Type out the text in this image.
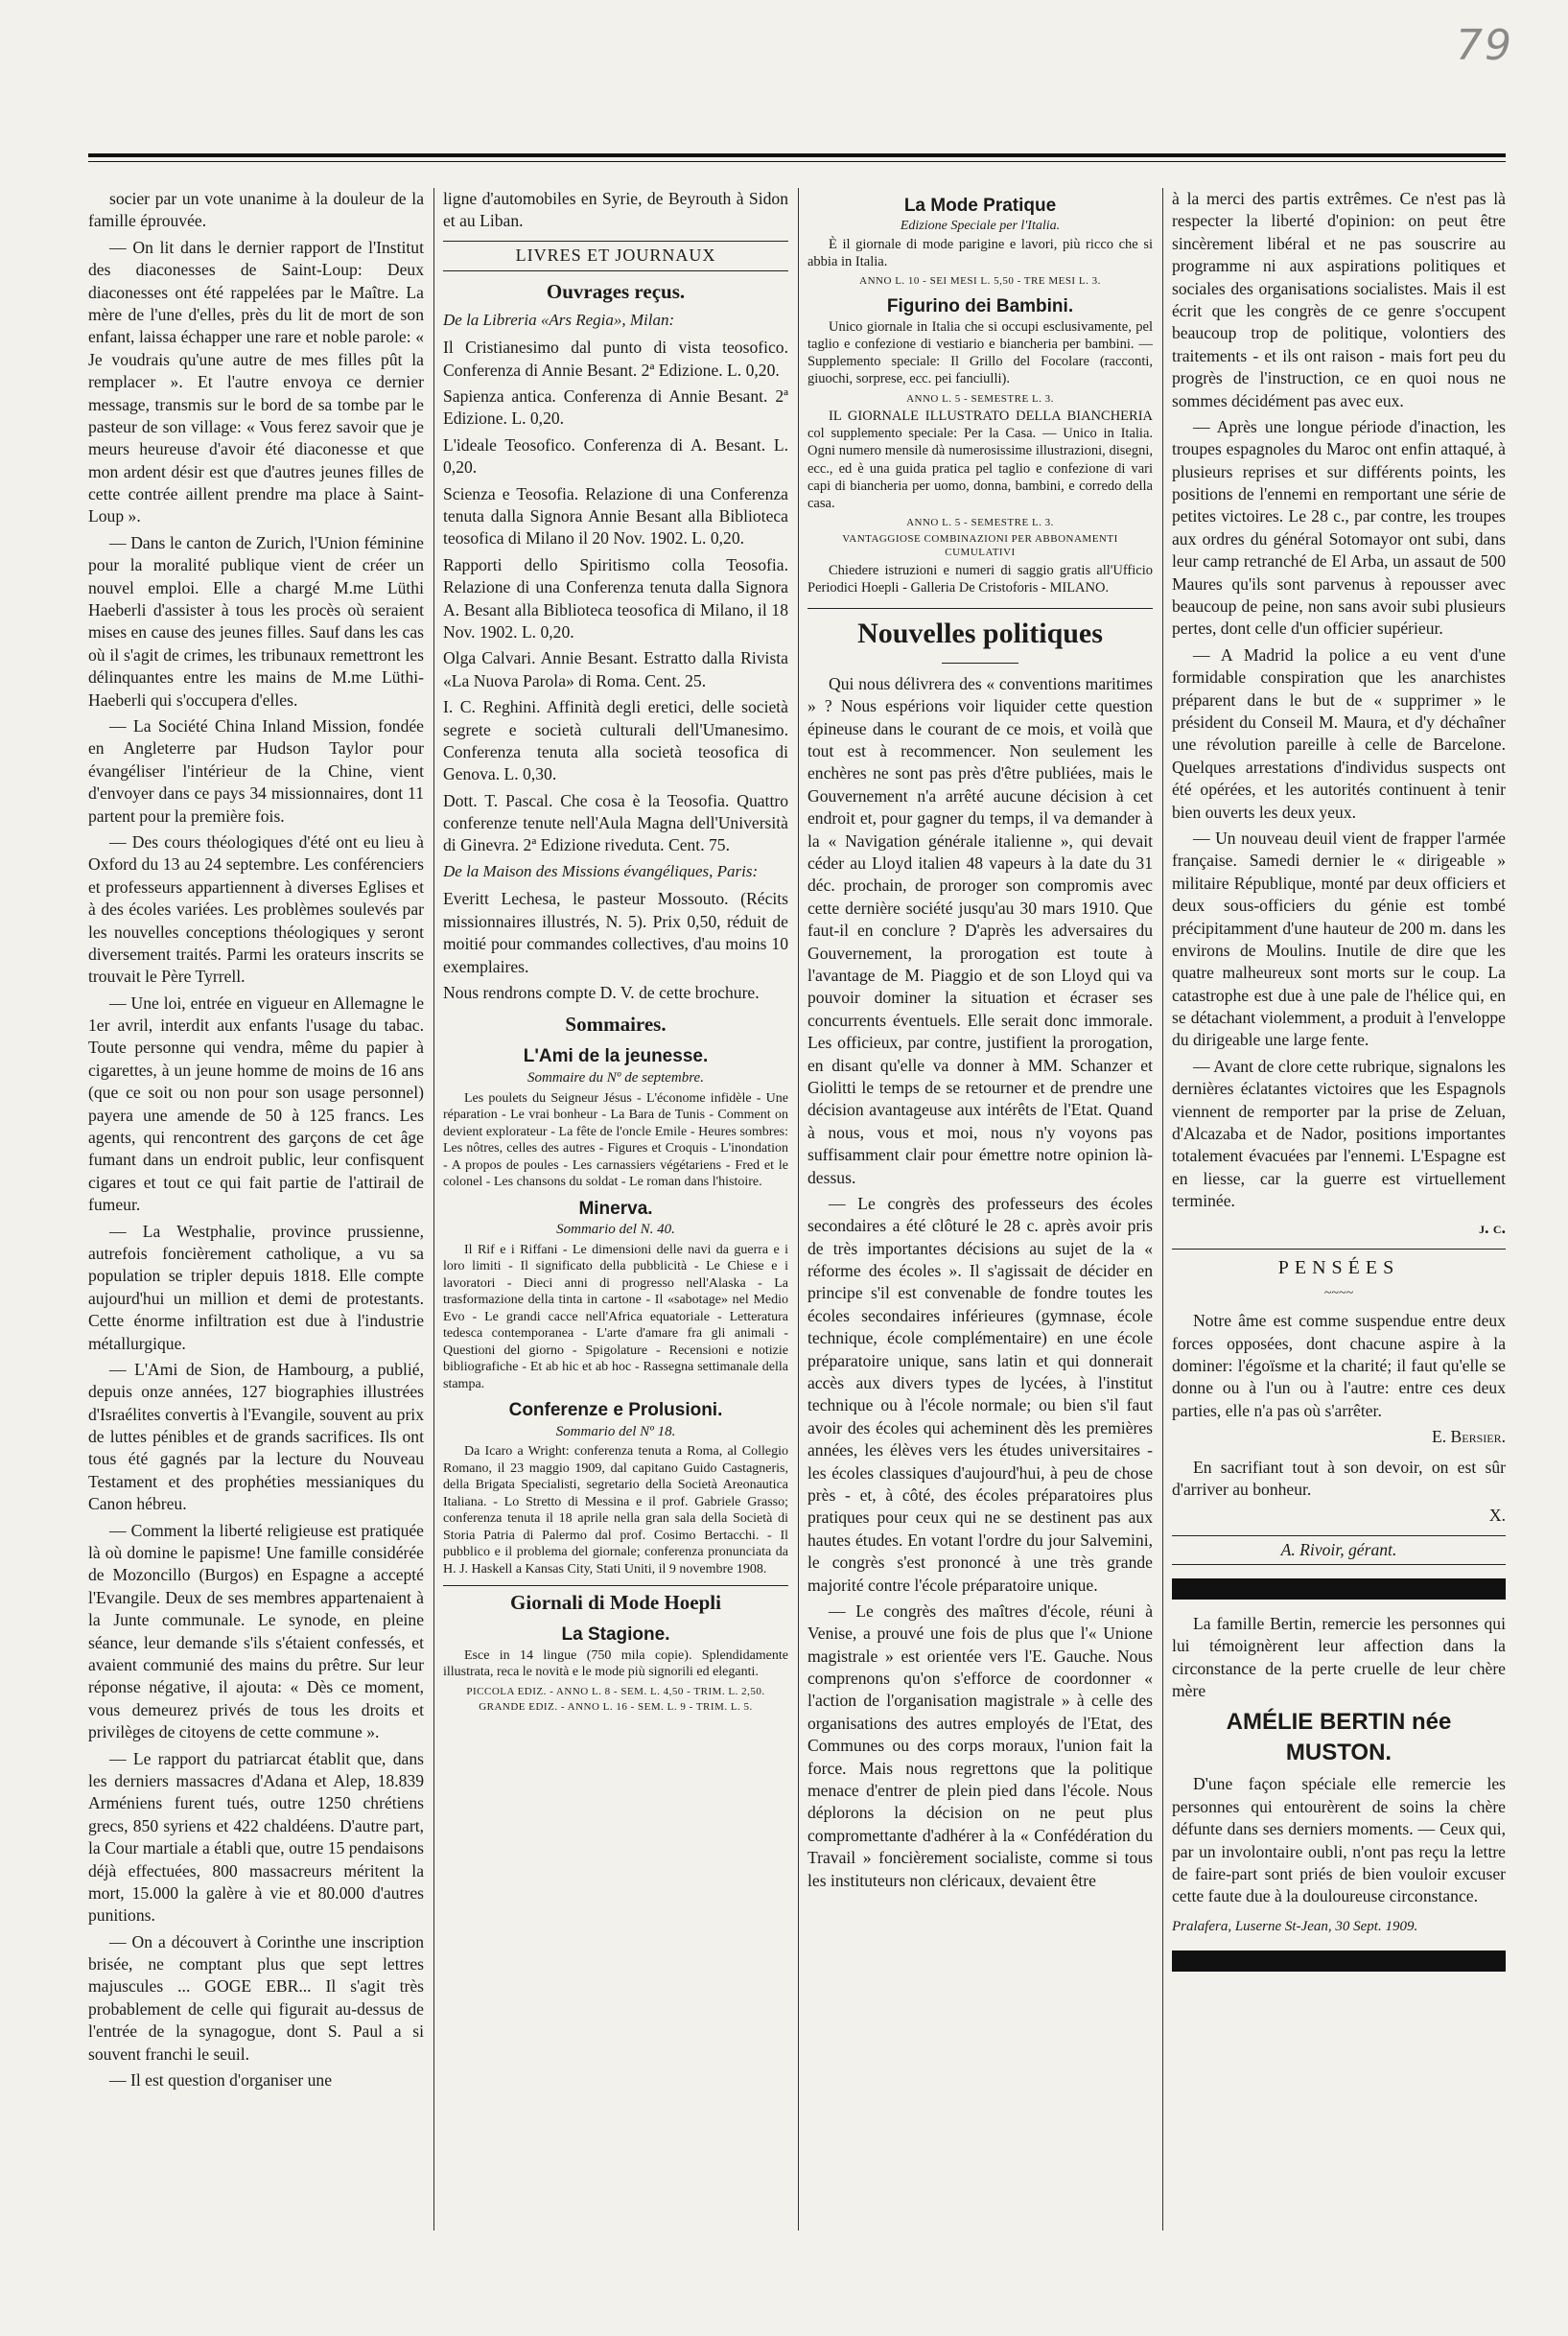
79

socier par un vote unanime à la douleur de la famille éprouvée.

— On lit dans le dernier rapport de l'Institut des diaconesses de Saint-Loup: Deux diaconesses ont été rappelées par le Maître. La mère de l'une d'elles, près du lit de mort de son enfant, laissa échapper une rare et noble parole: « Je voudrais qu'une autre de mes filles pût la remplacer ». Et l'autre envoya ce dernier message, transmis sur le bord de sa tombe par le pasteur de son village: « Vous ferez savoir que je meurs heureuse d'avoir été diaconesse et que mon ardent désir est que d'autres jeunes filles de cette contrée aillent prendre ma place à Saint-Loup ».

— Dans le canton de Zurich, l'Union féminine pour la moralité publique vient de créer un nouvel emploi. Elle a chargé M.me Lüthi Haeberli d'assister à tous les procès où seraient mises en cause des jeunes filles. Sauf dans les cas où il s'agit de crimes, les tribunaux remettront les délinquantes entre les mains de M.me Lüthi-Haeberli qui s'occupera d'elles.

— La Société China Inland Mission, fondée en Angleterre par Hudson Taylor pour évangéliser l'intérieur de la Chine, vient d'envoyer dans ce pays 34 missionnaires, dont 11 partent pour la première fois.

— Des cours théologiques d'été ont eu lieu à Oxford du 13 au 24 septembre. Les conférenciers et professeurs appartiennent à diverses Eglises et à des écoles variées. Les problèmes soulevés par les nouvelles conceptions théologiques y seront diversement traités. Parmi les orateurs inscrits se trouvait le Père Tyrrell.

— Une loi, entrée en vigueur en Allemagne le 1er avril, interdit aux enfants l'usage du tabac. Toute personne qui vendra, même du papier à cigarettes, à un jeune homme de moins de 16 ans (que ce soit ou non pour son usage personnel) payera une amende de 50 à 125 francs. Les agents, qui rencontrent des garçons de cet âge fumant dans un endroit public, leur confisquent cigares et tout ce qui fait partie de l'attirail de fumeur.

— La Westphalie, province prussienne, autrefois foncièrement catholique, a vu sa population se tripler depuis 1818. Elle compte aujourd'hui un million et demi de protestants. Cette énorme infiltration est due à l'industrie métallurgique.

— L'Ami de Sion, de Hambourg, a publié, depuis onze années, 127 biographies illustrées d'Israélites convertis à l'Evangile, souvent au prix de luttes pénibles et de grands sacrifices. Ils ont tous été gagnés par la lecture du Nouveau Testament et des prophéties messianiques du Canon hébreu.

— Comment la liberté religieuse est pratiquée là où domine le papisme! Une famille considérée de Mozoncillo (Burgos) en Espagne a accepté l'Evangile. Deux de ses membres appartenaient à la Junte communale. Le synode, en pleine séance, leur demande s'ils s'étaient confessés, et avaient communié des mains du prêtre. Sur leur réponse négative, il ajouta: « Dès ce moment, vous demeurez privés de tous les droits et privilèges de citoyens de cette commune ».

— Le rapport du patriarcat établit que, dans les derniers massacres d'Adana et Alep, 18.839 Arméniens furent tués, outre 1250 chrétiens grecs, 850 syriens et 422 chaldéens. D'autre part, la Cour martiale a établi que, outre 15 pendaisons déjà effectuées, 800 massacreurs méritent la mort, 15.000 la galère à vie et 80.000 d'autres punitions.

— On a découvert à Corinthe une inscription brisée, ne comptant plus que sept lettres majuscules ... GOGE EBR... Il s'agit très probablement de celle qui figurait au-dessus de l'entrée de la synagogue, dont S. Paul a si souvent franchi le seuil.

— Il est question d'organiser une

ligne d'automobiles en Syrie, de Beyrouth à Sidon et au Liban.

LIVRES ET JOURNAUX
Ouvrages reçus.
De la Libreria «Ars Regia», Milan:

Il Cristianesimo dal punto di vista teosofico. Conferenza di Annie Besant. 2ª Edizione. L. 0,20.

Sapienza antica. Conferenza di Annie Besant. 2ª Edizione. L. 0,20.

L'ideale Teosofico. Conferenza di A. Besant. L. 0,20.

Scienza e Teosofia. Relazione di una Conferenza tenuta dalla Signora Annie Besant alla Biblioteca teosofica di Milano il 20 Nov. 1902. L. 0,20.

Rapporti dello Spiritismo colla Teosofia. Relazione di una Conferenza tenuta dalla Signora A. Besant alla Biblioteca teosofica di Milano, il 18 Nov. 1902. L. 0,20.

Olga Calvari. Annie Besant. Estratto dalla Rivista «La Nuova Parola» di Roma. Cent. 25.

I. C. Reghini. Affinità degli eretici, delle società segrete e società culturali dell'Umanesimo. Conferenza tenuta alla società teosofica di Genova. L. 0,30.

Dott. T. Pascal. Che cosa è la Teosofia. Quattro conferenze tenute nell'Aula Magna dell'Università di Ginevra. 2ª Edizione riveduta. Cent. 75.

De la Maison des Missions évangéliques, Paris:

Everitt Lechesa, le pasteur Mossouto. (Récits missionnaires illustrés, N. 5). Prix 0,50, réduit de moitié pour commandes collectives, d'au moins 10 exemplaires.

Nous rendrons compte D. V. de cette brochure.

Sommaires.
L'Ami de la jeunesse.
Sommaire du Nº de septembre.

Les poulets du Seigneur Jésus - L'économe infidèle - Une réparation - Le vrai bonheur - La Bara de Tunis - Comment on devient explorateur - La fête de l'oncle Emile - Heures sombres: Les nôtres, celles des autres - Figures et Croquis - L'inondation - A propos de poules - Les carnassiers végétariens - Fred et le colonel - Les chansons du soldat - Le roman dans l'histoire.

Minerva.
Sommario del N. 40.

Il Rif e i Riffani - Le dimensioni delle navi da guerra e i loro limiti - Il significato della pubblicità - Le Chiese e i lavoratori - Dieci anni di progresso nell'Alaska - La trasformazione della tinta in cartone - Il «sabotage» nel Medio Evo - Le grandi cacce nell'Africa equatoriale - Letteratura tedesca contemporanea - L'arte d'amare fra gli animali - Questioni del giorno - Spigolature - Recensioni e notizie bibliografiche - Et ab hic et ab hoc - Rassegna settimanale della stampa.

Conferenze e Prolusioni.
Sommario del Nº 18.

Da Icaro a Wright: conferenza tenuta a Roma, al Collegio Romano, il 23 maggio 1909, dal capitano Guido Castagneris, della Brigata Specialisti, segretario della Società Areonautica Italiana. - Lo Stretto di Messina e il prof. Gabriele Grasso; conferenza tenuta il 18 aprile nella gran sala della Società di Storia Patria di Palermo dal prof. Cosimo Bertacchi. - Il pubblico e il problema del giornale; conferenza pronunciata da H. J. Haskell a Kansas City, Stati Uniti, il 9 novembre 1908.

Giornali di Mode Hoepli
La Stagione.

Esce in 14 lingue (750 mila copie). Splendidamente illustrata, reca le novità e le mode più signorili ed eleganti.

PICCOLA EDIZ. - ANNO L. 8 - SEM. L. 4,50 - TRIM. L. 2,50.
GRANDE EDIZ. - ANNO L. 16 - SEM. L. 9 - TRIM. L. 5.
La Mode Pratique
Edizione Speciale per l'Italia.

È il giornale di mode parigine e lavori, più ricco che si abbia in Italia.

ANNO L. 10 - SEI MESI L. 5,50 - TRE MESI L. 3.
Figurino dei Bambini.

Unico giornale in Italia che si occupi esclusivamente, pel taglio e confezione di vestiario e biancheria per bambini. — Supplemento speciale: Il Grillo del Focolare (racconti, giuochi, sorprese, ecc. pei fanciulli).

ANNO L. 5 - SEMESTRE L. 3.

IL GIORNALE ILLUSTRATO DELLA BIANCHERIA col supplemento speciale: Per la Casa. — Unico in Italia. Ogni numero mensile dà numerosissime illustrazioni, disegni, ecc., ed è una guida pratica pel taglio e confezione di vari capi di biancheria per uomo, donna, bambini, e corredo della casa.

ANNO L. 5 - SEMESTRE L. 3.
VANTAGGIOSE COMBINAZIONI PER ABBONAMENTI CUMULATIVI

Chiedere istruzioni e numeri di saggio gratis all'Ufficio Periodici Hoepli - Galleria De Cristoforis - MILANO.

Nouvelles politiques

Qui nous délivrera des « conventions maritimes » ? Nous espérions voir liquider cette question épineuse dans le courant de ce mois, et voilà que tout est à recommencer. Non seulement les enchères ne sont pas près d'être publiées, mais le Gouvernement n'a arrêté aucune décision à cet endroit et, pour gagner du temps, il va demander à la « Navigation générale italienne », qui devait céder au Lloyd italien 48 vapeurs à la date du 31 déc. prochain, de proroger son compromis avec cette dernière société jusqu'au 30 mars 1910. Que faut-il en conclure ? D'après les adversaires du Gouvernement, la prorogation est toute à l'avantage de M. Piaggio et de son Lloyd qui va pouvoir dominer la situation et écraser ses concurrents éventuels. Elle serait donc immorale. Les officieux, par contre, justifient la prorogation, en disant qu'elle va donner à MM. Schanzer et Giolitti le temps de se retourner et de prendre une décision avantageuse aux intérêts de l'Etat. Quand à nous, vous et moi, nous n'y voyons pas suffisamment clair pour émettre notre opinion là-dessus.

— Le congrès des professeurs des écoles secondaires a été clôturé le 28 c. après avoir pris de très importantes décisions au sujet de la « réforme des écoles ». Il s'agissait de décider en principe s'il est convenable de fondre toutes les écoles secondaires inférieures (gymnase, école technique, école complémentaire) en une école préparatoire unique, sans latin et qui donnerait accès aux divers types de lycées, à l'institut technique ou à l'école normale; ou bien s'il faut avoir des écoles qui acheminent dès les premières années, les élèves vers les études universitaires - les écoles classiques d'aujourd'hui, à peu de chose près - et, à côté, des écoles préparatoires plus pratiques pour ceux qui ne se destinent pas aux hautes études. En votant l'ordre du jour Salvemini, le congrès s'est prononcé à une très grande majorité contre l'école préparatoire unique.

— Le congrès des maîtres d'école, réuni à Venise, a prouvé une fois de plus que l'« Unione magistrale » est orientée vers l'E. Gauche. Nous comprenons qu'on s'efforce de coordonner « l'action de l'organisation magistrale » à celle des organisations des autres employés de l'Etat, des Communes ou des corps moraux, l'union fait la force. Mais nous regrettons que la politique menace d'entrer de plein pied dans l'école. Nous déplorons la décision on ne peut plus compromettante d'adhérer à la « Confédération du Travail » foncièrement socialiste, comme si tous les instituteurs non cléricaux, devaient être

à la merci des partis extrêmes. Ce n'est pas là respecter la liberté d'opinion: on peut être sincèrement libéral et ne pas souscrire au programme ni aux aspirations politiques et sociales des organisations socialistes. Mais il est écrit que les congrès de ce genre s'occupent beaucoup trop de politique, volontiers des traitements - et ils ont raison - mais fort peu du progrès de l'instruction, ce en quoi nous ne sommes décidément pas avec eux.

— Après une longue période d'inaction, les troupes espagnoles du Maroc ont enfin attaqué, à plusieurs reprises et sur différents points, les positions de l'ennemi en remportant une série de petites victoires. Le 28 c., par contre, les troupes aux ordres du général Sotomayor ont subi, dans leur camp retranché de El Arba, un assaut de 500 Maures qu'ils sont parvenus à repousser avec beaucoup de peine, non sans avoir subi plusieurs pertes, dont celle d'un officier supérieur.

— A Madrid la police a eu vent d'une formidable conspiration que les anarchistes préparent dans le but de « supprimer » le président du Conseil M. Maura, et d'y déchaîner une révolution pareille à celle de Barcelone. Quelques arrestations d'individus suspects ont été opérées, et les autorités continuent à tenir bien ouverts les deux yeux.

— Un nouveau deuil vient de frapper l'armée française. Samedi dernier le « dirigeable » militaire République, monté par deux officiers et deux sous-officiers du génie est tombé précipitamment d'une hauteur de 200 m. dans les environs de Moulins. Inutile de dire que les quatre malheureux sont morts sur le coup. La catastrophe est due à une pale de l'hélice qui, en se détachant violemment, a produit à l'enveloppe du dirigeable une large fente.

— Avant de clore cette rubrique, signalons les dernières éclatantes victoires que les Espagnols viennent de remporter par la prise de Zeluan, d'Alcazaba et de Nador, positions importantes totalement évacuées par l'ennemi. L'Espagne est en liesse, car la guerre est virtuellement terminée.

j. c.
PENSÉES
~~~~

Notre âme est comme suspendue entre deux forces opposées, dont chacune aspire à la dominer: l'égoïsme et la charité; il faut qu'elle se donne ou à l'un ou à l'autre: entre ces deux parties, elle n'a pas où s'arrêter.

E. Bersier.

En sacrifiant tout à son devoir, on est sûr d'arriver au bonheur.

X.
A. Rivoir, gérant.

La famille Bertin, remercie les personnes qui lui témoignèrent leur affection dans la circonstance de la perte cruelle de leur chère mère

AMÉLIE BERTIN née MUSTON.

D'une façon spéciale elle remercie les personnes qui entourèrent de soins la chère défunte dans ses derniers moments. — Ceux qui, par un involontaire oubli, n'ont pas reçu la lettre de faire-part sont priés de bien vouloir excuser cette faute due à la douloureuse circonstance.

Pralafera, Luserne St-Jean, 30 Sept. 1909.
